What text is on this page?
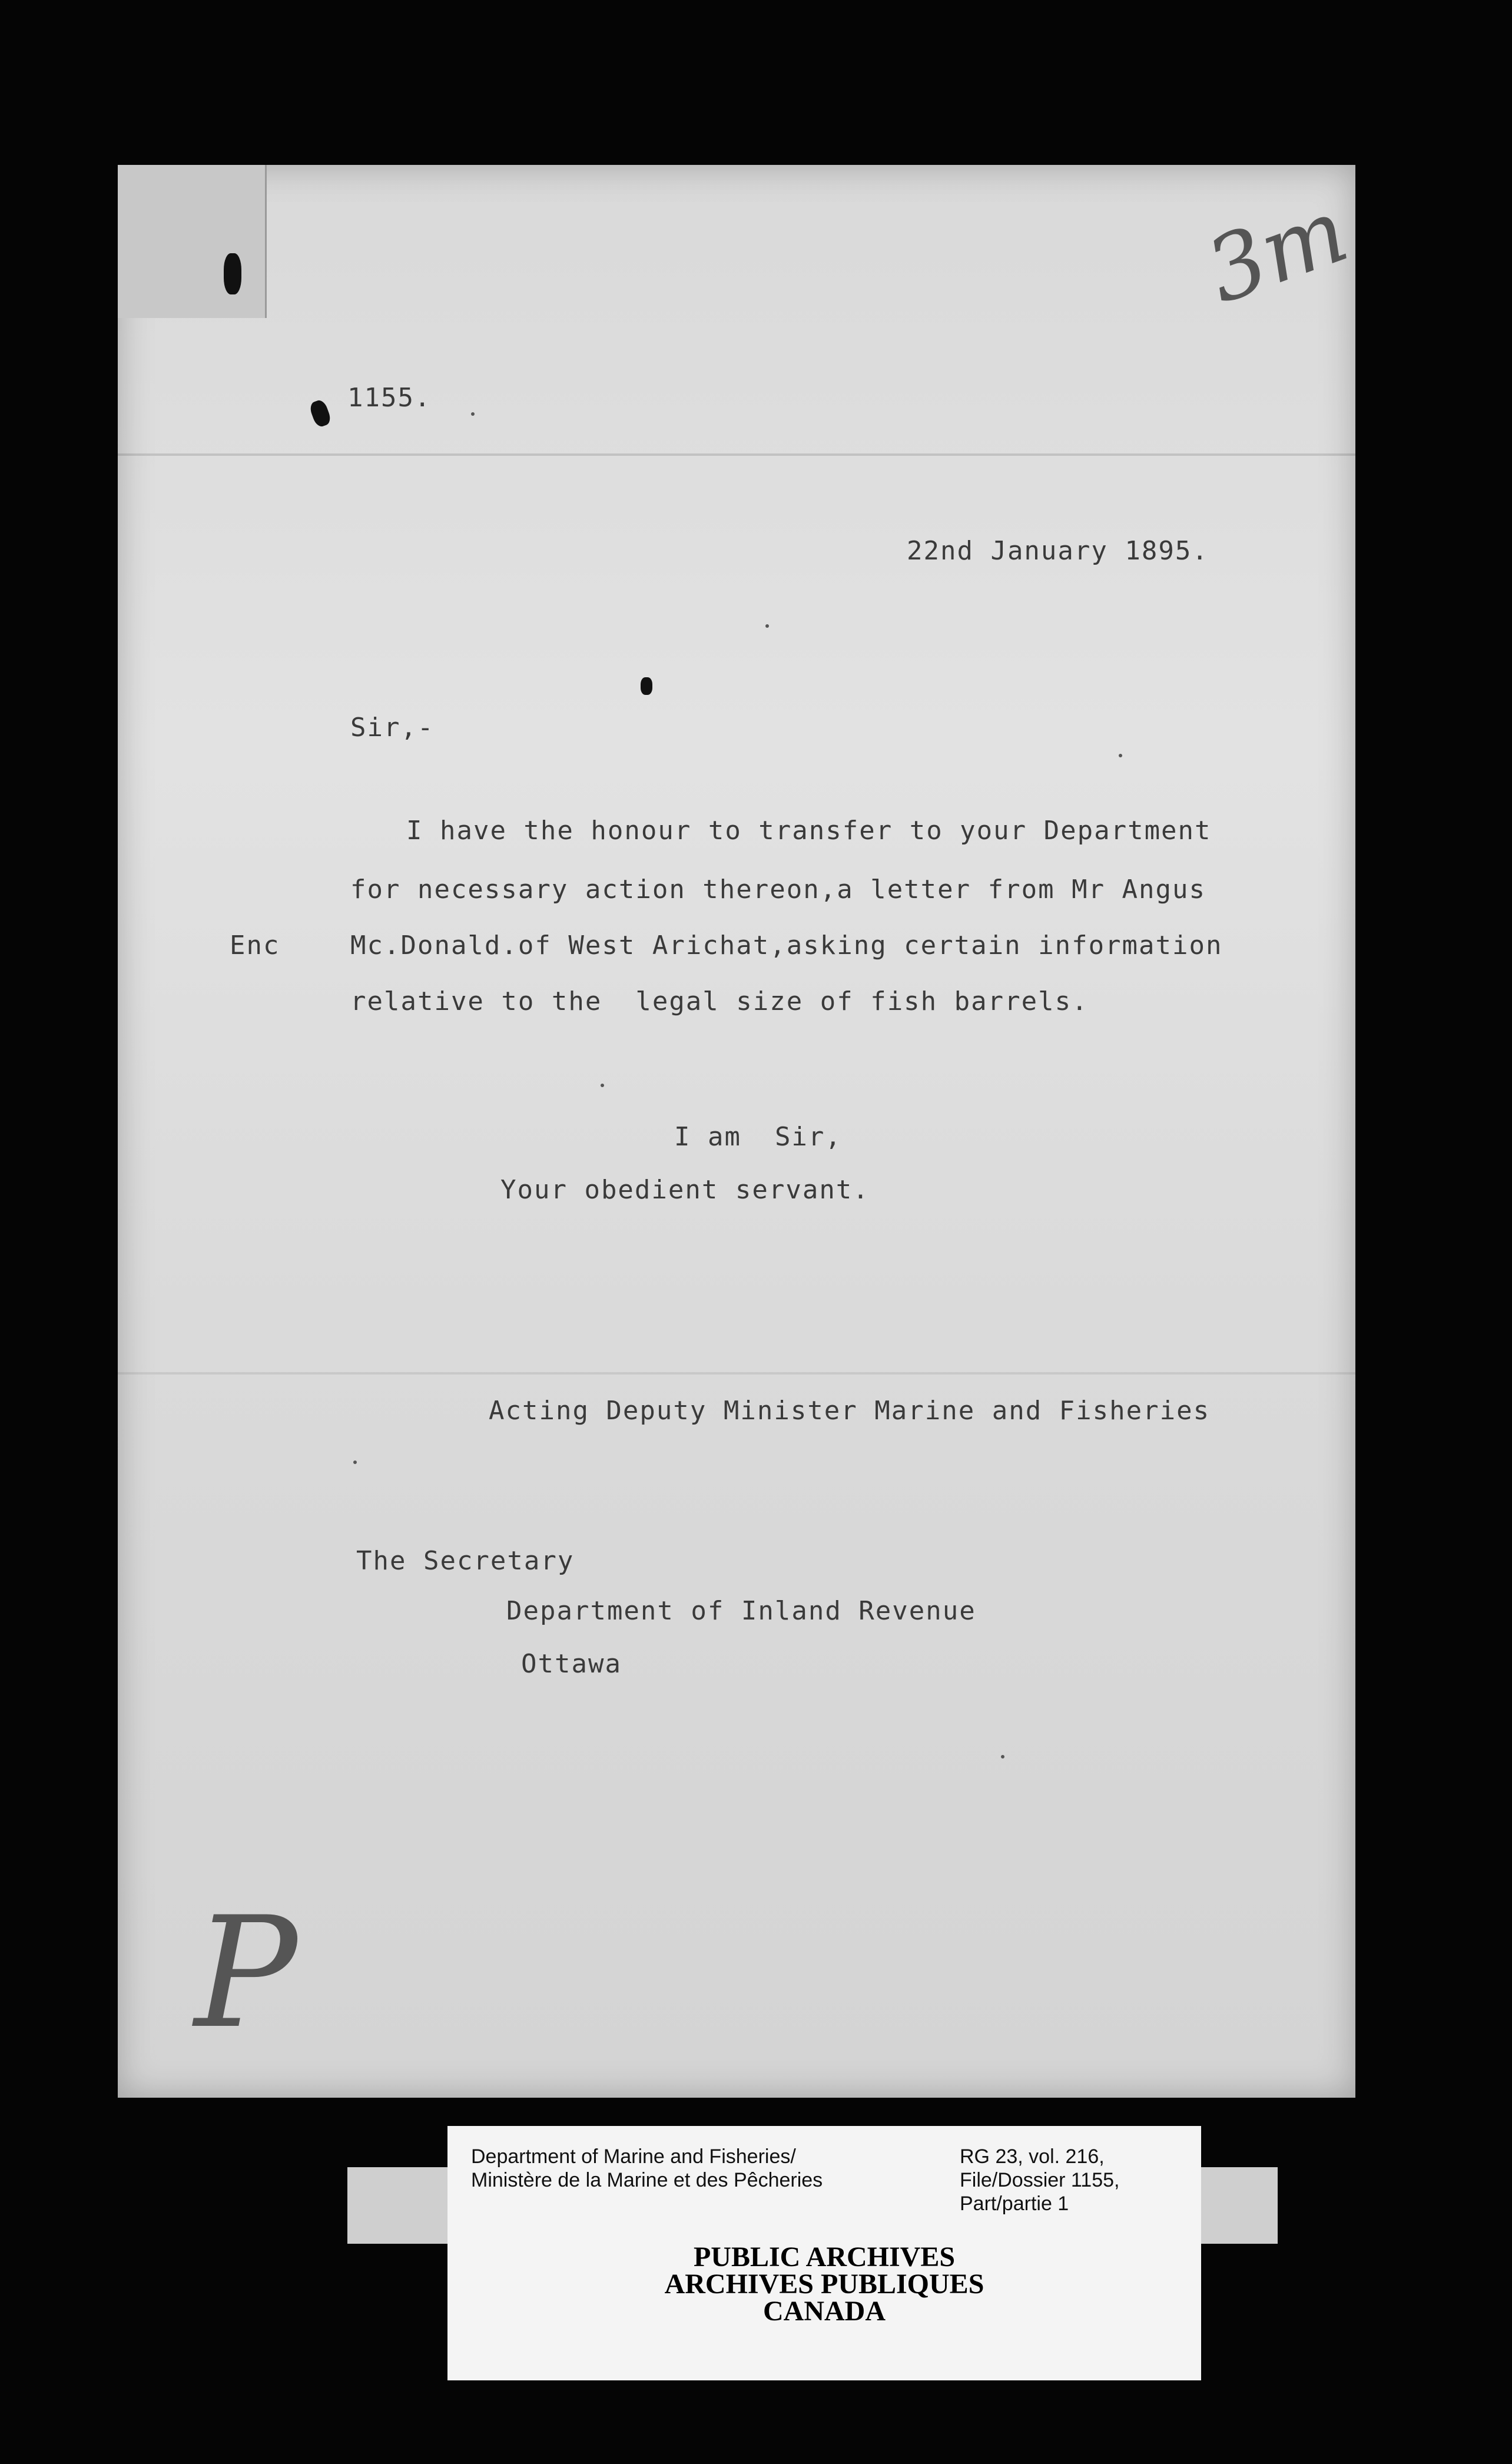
1155.
22nd January 1895.
Sir,-
I have the honour to transfer to your Department
for necessary action thereon,a letter from Mr Angus
Enc	Mc.Donald.of West Arichat,asking certain information
relative to the  legal size of fish barrels.
I am  Sir,
Your obedient servant.
Acting Deputy Minister Marine and Fisheries
The Secretary
Department of Inland Revenue
Ottawa
3m
P
Department of Marine and Fisheries/
Ministère de la Marine et des Pêcheries
RG 23, vol. 216,
File/Dossier 1155,
Part/partie 1
PUBLIC ARCHIVES
ARCHIVES PUBLIQUES
CANADA
